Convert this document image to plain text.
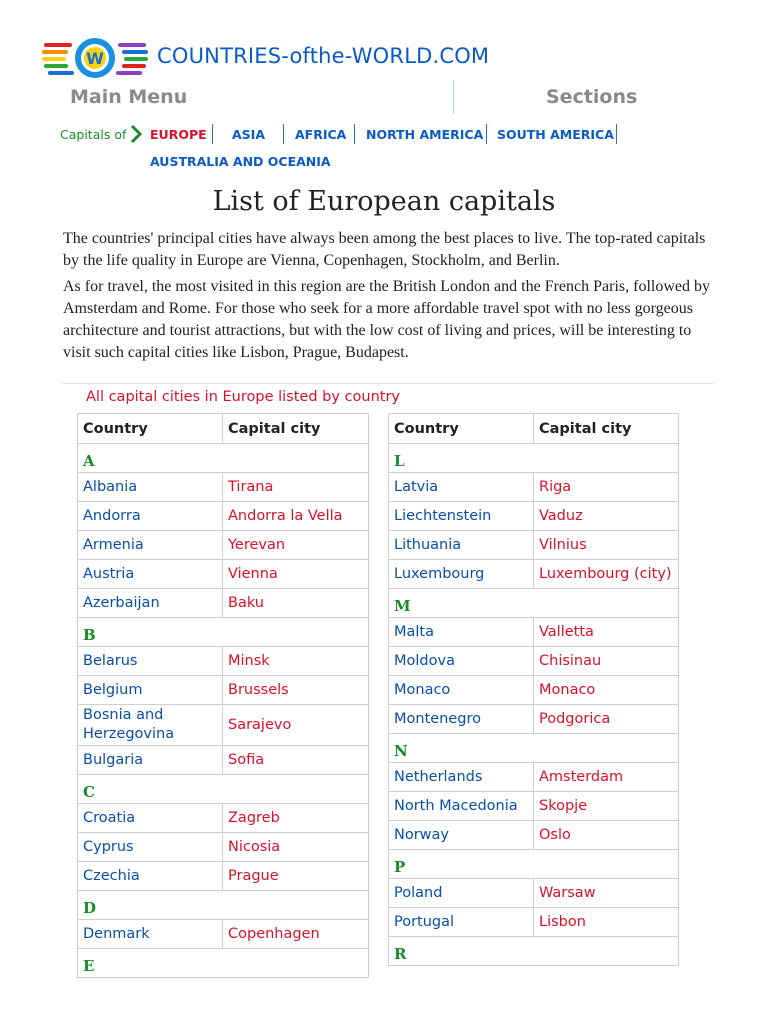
W	COUNTRIES-ofthe-WORLD.COM
Main Menu	Sections
Capitals of EUROPE ASIA AFRICA NORTH AMERICA SOUTH AMERICA
AUSTRALIA AND OCEANIA
List of European capitals

The countries' principal cities have always been among the best places to live. The top-rated capitals by the life quality in Europe are Vienna, Copenhagen, Stockholm, and Berlin.

As for travel, the most visited in this region are the British London and the French Paris, followed by Amsterdam and Rome. For those who seek for a more affordable travel spot with no less gorgeous architecture and tourist attractions, but with the low cost of living and prices, will be interesting to visit such capital cities like Lisbon, Prague, Budapest.

All capital cities in Europe listed by country
Country	Capital city
A	
Albania	Tirana
Andorra	Andorra la Vella
Armenia	Yerevan
Austria	Vienna
Azerbaijan	Baku
B	
Belarus	Minsk
Belgium	Brussels
Bosnia and Herzegovina	Sarajevo
Bulgaria	Sofia
C	
Croatia	Zagreb
Cyprus	Nicosia
Czechia	Prague
D	
Denmark	Copenhagen
E	
Country	Capital city
L	
Latvia	Riga
Liechtenstein	Vaduz
Lithuania	Vilnius
Luxembourg	Luxembourg (city)
M	
Malta	Valletta
Moldova	Chisinau
Monaco	Monaco
Montenegro	Podgorica
N	
Netherlands	Amsterdam
North Macedonia	Skopje
Norway	Oslo
P	
Poland	Warsaw
Portugal	Lisbon
R	
